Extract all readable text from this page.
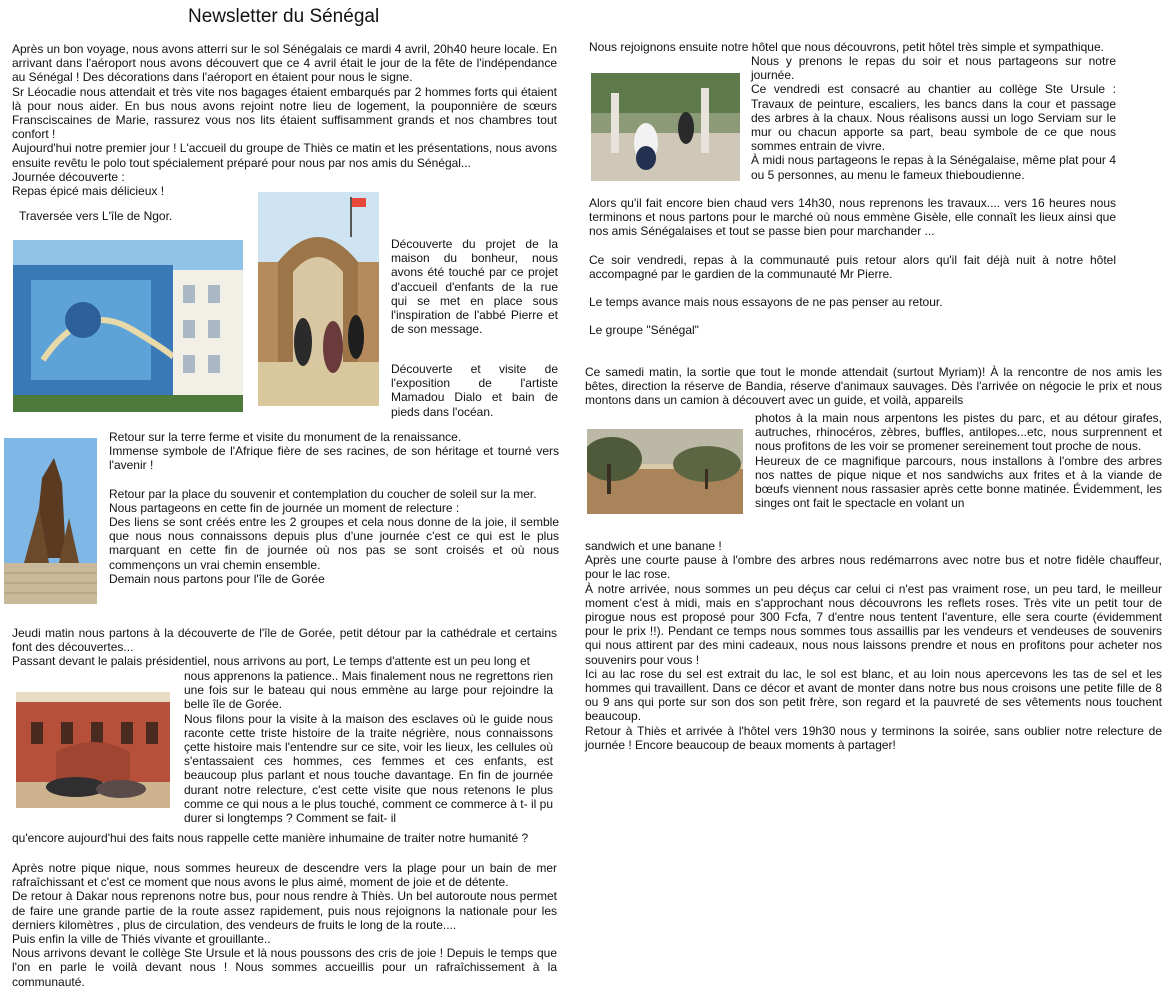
Newsletter du Sénégal

Après un bon voyage, nous avons atterri sur le sol Sénégalais ce mardi 4 avril, 20h40 heure locale. En arrivant dans l'aéroport nous avons découvert que ce 4 avril était le jour de la fête de l'indépendance au Sénégal ! Des décorations dans l'aéroport en étaient pour nous le signe.

Sr Léocadie nous attendait et très vite nos bagages étaient embarqués par 2 hommes forts qui étaient là pour nous aider. En bus nous avons rejoint notre lieu de logement, la pouponnière de sœurs Fransciscaines de Marie, rassurez vous nos lits étaient suffisamment grands et nos chambres tout confort !

Aujourd'hui notre premier jour ! L'accueil du groupe de Thiès ce matin et les présentations, nous avons ensuite revêtu le polo tout spécialement préparé pour nous par nos amis du Sénégal...

Journée découverte :

Repas épicé mais délicieux !

Traversée vers L'île de Ngor.
Découverte du projet de la maison du bonheur, nous avons été touché par ce projet d'accueil d'enfants de la rue qui se met en place sous l'inspiration de l'abbé Pierre et de son message.
Découverte et visite de l'exposition de l'artiste Mamadou Dialo et bain de pieds dans l'océan.

Retour sur la terre ferme et visite du monument de la renaissance.

Immense symbole de l'Afrique fière de ses racines, de son héritage et tourné vers l'avenir !

Retour par la place du souvenir et contemplation du coucher de soleil sur la mer.

Nous partageons en cette fin de journée un moment de relecture :

Des liens se sont créés entre les 2 groupes et cela nous donne de la joie, il semble que nous nous connaissons depuis plus d'une journée c'est ce qui est le plus marquant en cette fin de journée où nos pas se sont croisés et où nous commençons un vrai chemin ensemble.

Demain nous partons pour l'île de Gorée

Jeudi matin nous partons à la découverte de l'île de Gorée, petit détour par la cathédrale et certains font des découvertes...

Passant devant le palais présidentiel, nous arrivons au port, Le temps d'attente est un peu long et

nous apprenons la patience.. Mais finalement nous ne regrettons rien une fois sur le bateau qui nous emmène au large pour rejoindre la belle île de Gorée.

Nous filons pour la visite à la maison des esclaves où le guide nous raconte cette triste histoire de la traite négrière, nous connaissons çette histoire mais l'entendre sur ce site, voir les lieux, les cellules où s'entassaient ces hommes, ces femmes et ces enfants, est beaucoup plus parlant et nous touche davantage. En fin de journée durant notre relecture, c'est cette visite que nous retenons le plus comme ce qui nous a le plus touché, comment ce commerce à t- il pu durer si longtemps ? Comment se fait- il

qu'encore aujourd'hui des faits nous rappelle cette manière inhumaine de traiter notre humanité ?

Après notre pique nique, nous sommes heureux de descendre vers la plage pour un bain de mer rafraîchissant et c'est ce moment que nous avons le plus aimé, moment de joie et de détente.

De retour à Dakar nous reprenons notre bus, pour nous rendre à Thiès. Un bel autoroute nous permet de faire une grande partie de la route assez rapidement, puis nous rejoignons la nationale pour les derniers kilomètres , plus de circulation, des vendeurs de fruits le long de la route....

Puis enfin la ville de Thiés vivante et grouillante..

Nous arrivons devant le collège Ste Ursule et là nous poussons des cris de joie ! Depuis le temps que l'on en parle le voilà devant nous ! Nous sommes accueillis pour un rafraîchissement à la communauté.

Nous rejoignons ensuite notre hôtel que nous découvrons, petit hôtel très simple et sympathique.

Nous y prenons le repas du soir et nous partageons sur notre journée.

Ce vendredi est consacré au chantier au collège Ste Ursule : Travaux de peinture, escaliers, les bancs dans la cour et passage des arbres à la chaux. Nous réalisons aussi un logo Serviam sur le mur ou chacun apporte sa part, beau symbole de ce que nous sommes entrain de vivre.

À midi nous partageons le repas à la Sénégalaise, même plat pour 4 ou 5 personnes, au menu le fameux thieboudienne.

Alors qu'il fait encore bien chaud vers 14h30, nous reprenons les travaux.... vers 16 heures nous terminons et nous partons pour le marché où nous emmène Gisèle, elle connaît les lieux ainsi que nos amis Sénégalaises et tout se passe bien pour marchander ...

Ce soir vendredi, repas à la communauté puis retour alors qu'il fait déjà nuit à notre hôtel accompagné par le gardien de la communauté Mr Pierre.

Le temps avance mais nous essayons de ne pas penser au retour.

Le groupe "Sénégal"

Ce samedi matin, la sortie que tout le monde attendait (surtout Myriam)! À la rencontre de nos amis les bêtes, direction la réserve de Bandia, réserve d'animaux sauvages. Dès l'arrivée on négocie le prix et nous montons dans un camion à découvert avec un guide, et voilà, appareils

photos à la main nous arpentons les pistes du parc, et au détour girafes, autruches, rhinocéros, zèbres, buffles, antilopes...etc, nous surprennent et nous profitons de les voir se promener sereinement tout proche de nous.

Heureux de ce magnifique parcours, nous installons à l'ombre des arbres nos nattes de pique nique et nos sandwichs aux frites et à la viande de bœufs viennent nous rassasier après cette bonne matinée. Évidemment, les singes ont fait le spectacle en volant un

sandwich et une banane !

Après une courte pause à l'ombre des arbres nous redémarrons avec notre bus et notre fidèle chauffeur, pour le lac rose.

À notre arrivée, nous sommes un peu déçus car celui ci n'est pas vraiment rose, un peu tard, le meilleur moment c'est à midi, mais en s'approchant nous découvrons les reflets roses. Très vite un petit tour de pirogue nous est proposé pour 300 Fcfa, 7 d'entre nous tentent l'aventure, elle sera courte (évidemment pour le prix !!). Pendant ce temps nous sommes tous assaillis par les vendeurs et vendeuses de souvenirs qui nous attirent par des mini cadeaux, nous nous laissons prendre et nous en profitons pour acheter nos souvenirs pour vous !

Ici au lac rose du sel est extrait du lac, le sol est blanc, et au loin nous apercevons les tas de sel et les hommes qui travaillent. Dans ce décor et avant de monter dans notre bus nous croisons une petite fille de 8 ou 9 ans qui porte sur son dos son petit frère, son regard et la pauvreté de ses vêtements nous touchent beaucoup.

Retour à Thiès et arrivée à l'hôtel vers 19h30 nous y terminons la soirée, sans oublier notre relecture de journée ! Encore beaucoup de beaux moments à partager!
